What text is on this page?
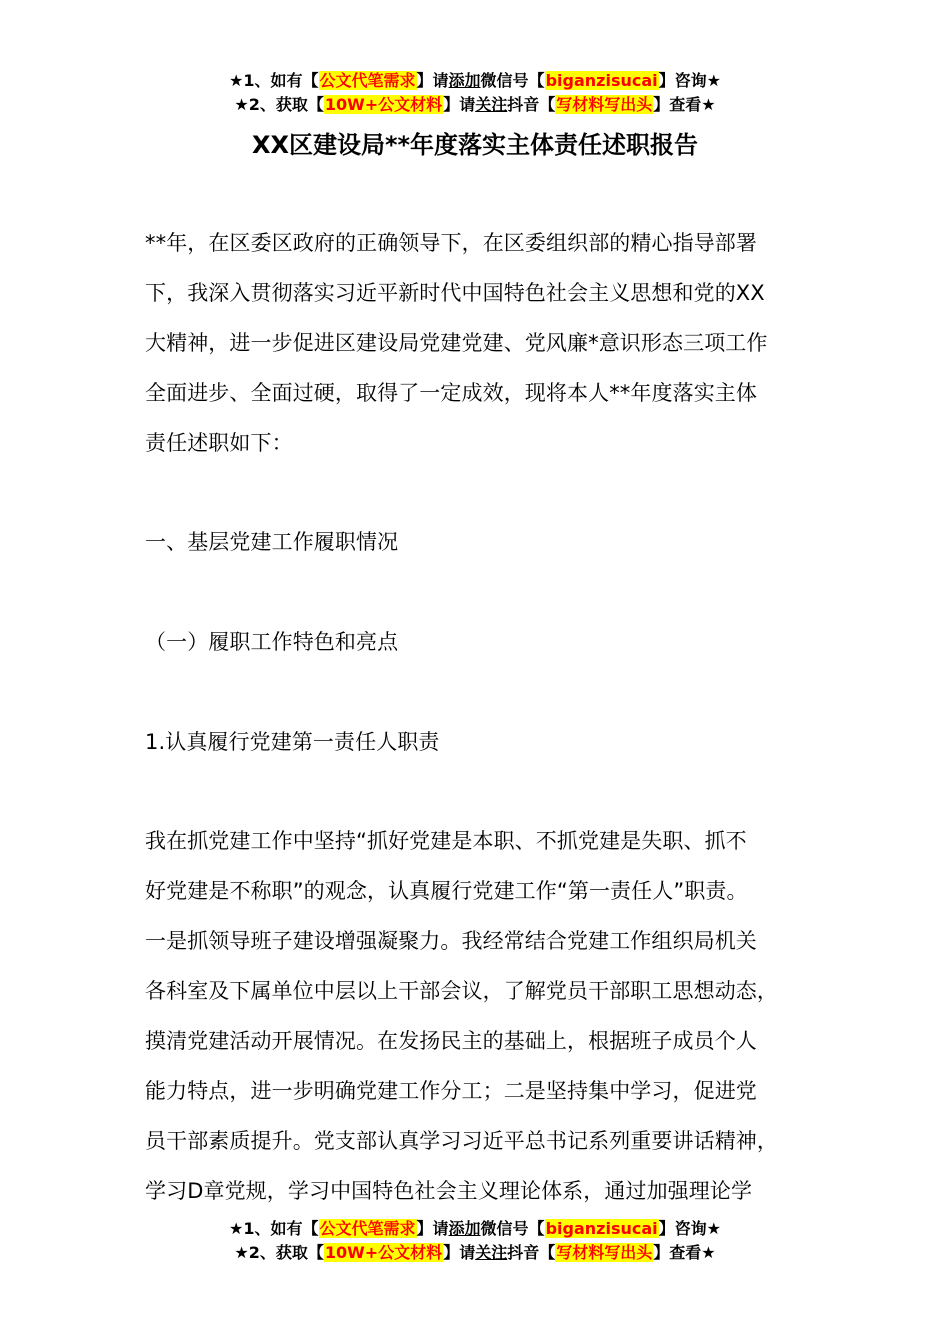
★1、如有【公文代笔需求】请添加微信号【biganzisucai】咨询★
★2、获取【10W+公文材料】请关注抖音【写材料写出头】查看★
XX区建设局**年度落实主体责任述职报告
**年，在区委区政府的正确领导下，在区委组织部的精心指导部署
下，我深入贯彻落实习近平新时代中国特色社会主义思想和党的XX
大精神，进一步促进区建设局党建党建、党风廉*意识形态三项工作
全面进步、全面过硬，取得了一定成效，现将本人**年度落实主体
责任述职如下：
一、基层党建工作履职情况
（一）履职工作特色和亮点
1.认真履行党建第一责任人职责
我在抓党建工作中坚持“抓好党建是本职、不抓党建是失职、抓不
好党建是不称职”的观念，认真履行党建工作“第一责任人”职责。
一是抓领导班子建设增强凝聚力。我经常结合党建工作组织局机关
各科室及下属单位中层以上干部会议，了解党员干部职工思想动态，
摸清党建活动开展情况。在发扬民主的基础上，根据班子成员个人
能力特点，进一步明确党建工作分工；二是坚持集中学习，促进党
员干部素质提升。党支部认真学习习近平总书记系列重要讲话精神，
学习D章党规，学习中国特色社会主义理论体系，通过加强理论学
★1、如有【公文代笔需求】请添加微信号【biganzisucai】咨询★
★2、获取【10W+公文材料】请关注抖音【写材料写出头】查看★
